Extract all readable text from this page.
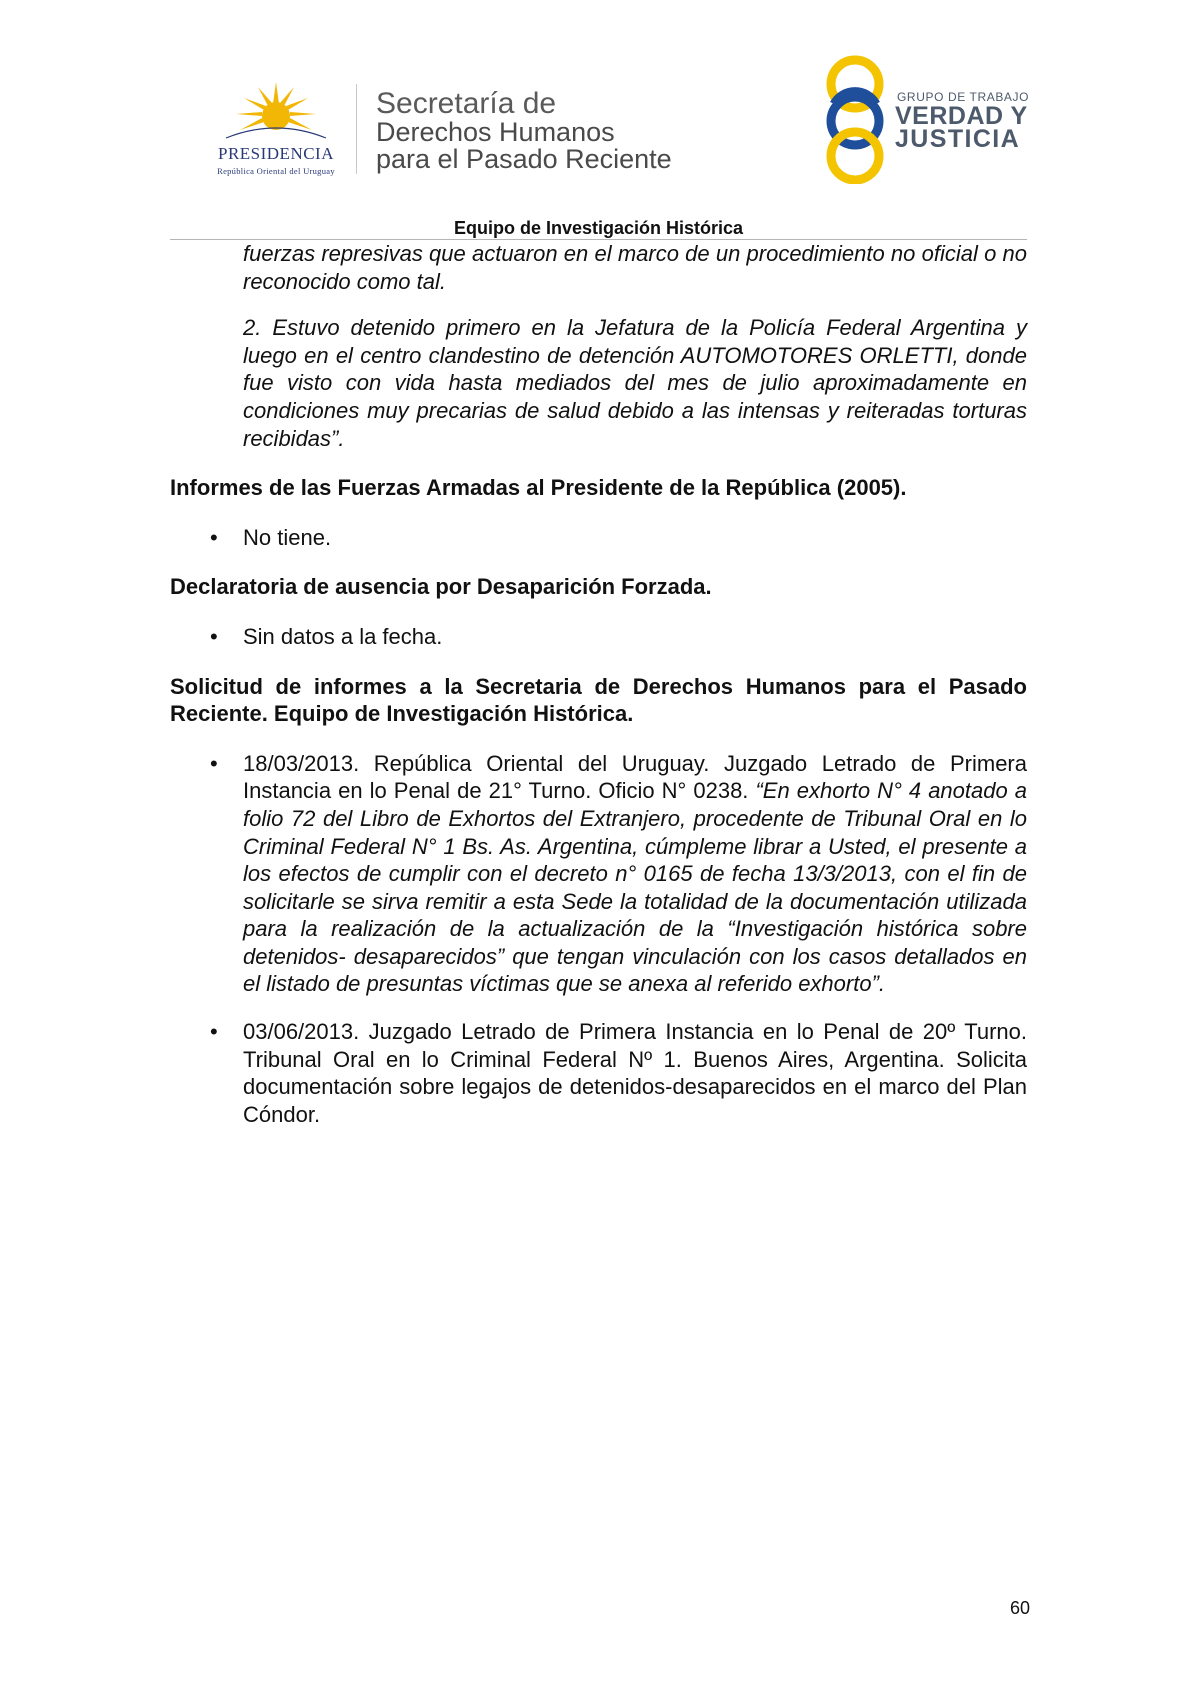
PRESIDENCIA
República Oriental del Uruguay
Secretaría de
Derechos Humanos
para el Pasado Reciente
GRUPO DE TRABAJO
VERDAD Y
JUSTICIA
Equipo de Investigación Histórica

fuerzas represivas que actuaron en el marco de un procedimiento no oficial o no reconocido como tal.

2. Estuvo detenido primero en la Jefatura de la Policía Federal Argentina y luego en el centro clandestino de detención AUTOMOTORES ORLETTI, donde fue visto con vida hasta mediados del mes de julio aproximadamente en condiciones muy precarias de salud debido a las intensas y reiteradas torturas recibidas”.

Informes de las Fuerzas Armadas al Presidente de la República (2005).

• No tiene.

Declaratoria de ausencia por Desaparición Forzada.

• Sin datos a la fecha.

Solicitud de informes a la Secretaria de Derechos Humanos para el Pasado Reciente. Equipo de Investigación Histórica.

• 18/03/2013. República Oriental del Uruguay. Juzgado Letrado de Primera Instancia en lo Penal de 21° Turno. Oficio N° 0238. “En exhorto N° 4 anotado a folio 72 del Libro de Exhortos del Extranjero, procedente de Tribunal Oral en lo Criminal Federal N° 1 Bs. As. Argentina, cúmpleme librar a Usted, el presente a los efectos de cumplir con el decreto n° 0165 de fecha 13/3/2013, con el fin de solicitarle se sirva remitir a esta Sede la totalidad de la documentación utilizada para la realización de la actualización de la “Investigación histórica sobre detenidos- desaparecidos” que tengan vinculación con los casos detallados en el listado de presuntas víctimas que se anexa al referido exhorto”.
• 03/06/2013. Juzgado Letrado de Primera Instancia en lo Penal de 20º Turno. Tribunal Oral en lo Criminal Federal Nº 1. Buenos Aires, Argentina. Solicita documentación sobre legajos de detenidos-desaparecidos en el marco del Plan Cóndor.
60
